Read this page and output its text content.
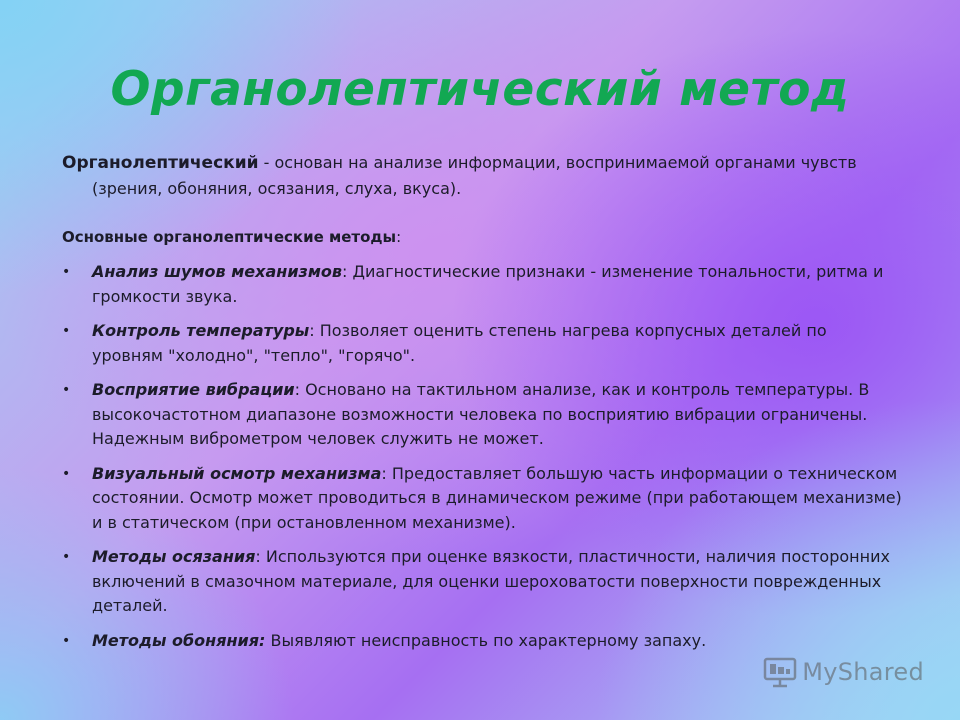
Органолептический метод

Органолептический - основан на анализе информации, воспринимаемой органами чувств (зрения, обоняния, осязания, слуха, вкуса).

Основные органолептические методы:

• Анализ шумов механизмов: Диагностические признаки - изменение тональности, ритма и громкости звука.
• Контроль температуры: Позволяет оценить степень нагрева корпусных деталей по уровням "холодно", "тепло", "горячо".
• Восприятие вибрации: Основано на тактильном анализе, как и контроль температуры. В высокочастотном диапазоне возможности человека по восприятию вибрации ограничены. Надежным виброметром человек служить не может.
• Визуальный осмотр механизма: Предоставляет большую часть информации о техническом состоянии. Осмотр может проводиться в динамическом режиме (при работающем механизме) и в статическом (при остановленном механизме).
• Методы осязания: Используются при оценке вязкости, пластичности, наличия посторонних включений в смазочном материале, для оценки шероховатости поверхности поврежденных деталей.
• Методы обоняния: Выявляют неисправность по характерному запаху.
MyShared
